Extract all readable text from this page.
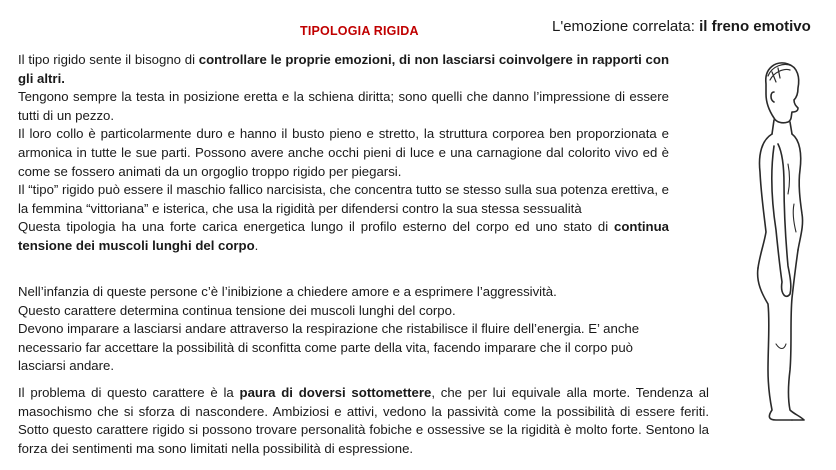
TIPOLOGIA RIGIDA	L'emozione correlata: il freno emotivo

Il tipo rigido sente il bisogno di controllare le proprie emozioni, di non lasciarsi coinvolgere in rapporti con gli altri.

Tengono sempre la testa in posizione eretta e la schiena diritta; sono quelli che danno l’impressione di essere tutti di un pezzo.

Il loro collo è particolarmente duro e hanno il busto pieno e stretto, la struttura corporea ben proporzionata e armonica in tutte le sue parti. Possono avere anche occhi pieni di luce e una carnagione dal colorito vivo ed è come se fossero animati da un orgoglio troppo rigido per piegarsi.

Il “tipo” rigido può essere il maschio fallico narcisista, che concentra tutto se stesso sulla sua potenza erettiva, e la femmina “vittoriana” e isterica, che usa la rigidità per difendersi contro la sua stessa sessualità

Questa tipologia ha una forte carica energetica lungo il profilo esterno del corpo ed uno stato di continua tensione dei muscoli lunghi del corpo.

Nell’infanzia di queste persone c’è l’inibizione a chiedere amore e a esprimere l’aggressività.

Questo carattere determina continua tensione dei muscoli lunghi del corpo.

Devono imparare a lasciarsi andare attraverso la respirazione che ristabilisce il fluire dell’energia. E’ anche necessario far accettare la possibilità di sconfitta come parte della vita, facendo imparare che il corpo può lasciarsi andare.

Il problema di questo carattere è la paura di doversi sottomettere, che per lui equivale alla morte. Tendenza al masochismo che si sforza di nascondere. Ambiziosi e attivi, vedono la passività come la possibilità di essere feriti. Sotto questo carattere rigido si possono trovare personalità fobiche e ossessive se la rigidità è molto forte. Sentono la forza dei sentimenti ma sono limitati nella possibilità di espressione.
